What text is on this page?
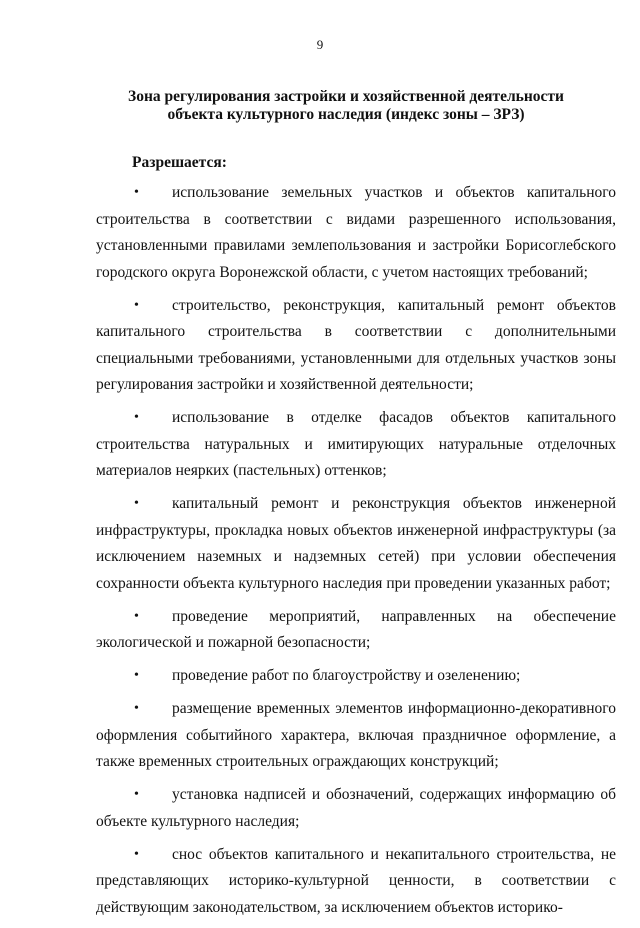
9
Зона регулирования застройки и хозяйственной деятельности
объекта культурного наследия (индекс зоны – ЗРЗ)
Разрешается:
• использование земельных участков и объектов капитального строительства в соответствии с видами разрешенного использования, установленными правилами землепользования и застройки Борисоглебского городского округа Воронежской области, с учетом настоящих требований;
• строительство, реконструкция, капитальный ремонт объектов капитального строительства в соответствии с дополнительными специальными требованиями, установленными для отдельных участков зоны регулирования застройки и хозяйственной деятельности;
• использование в отделке фасадов объектов капитального строительства натуральных и имитирующих натуральные отделочных материалов неярких (пастельных) оттенков;
• капитальный ремонт и реконструкция объектов инженерной инфраструктуры, прокладка новых объектов инженерной инфраструктуры (за исключением наземных и надземных сетей) при условии обеспечения сохранности объекта культурного наследия при проведении указанных работ;
• проведение мероприятий, направленных на обеспечение экологической и пожарной безопасности;
• проведение работ по благоустройству и озеленению;
• размещение временных элементов информационно-декоративного оформления событийного характера, включая праздничное оформление, а также временных строительных ограждающих конструкций;
• установка надписей и обозначений, содержащих информацию об объекте культурного наследия;
• снос объектов капитального и некапитального строительства, не представляющих историко-культурной ценности, в соответствии с действующим законодательством, за исключением объектов историко-
